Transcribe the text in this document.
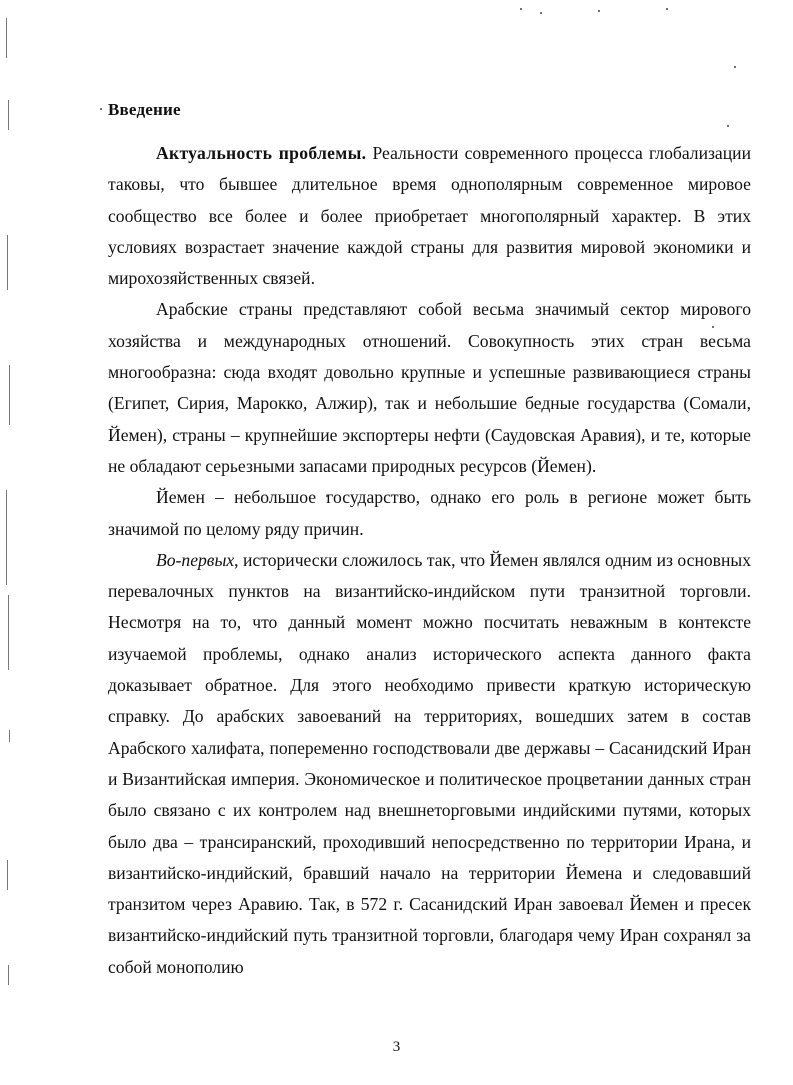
Введение

Актуальность проблемы. Реальности современного процесса глобализации таковы, что бывшее длительное время однополярным современное мировое сообщество все более и более приобретает многополярный характер. В этих условиях возрастает значение каждой страны для развития мировой экономики и мирохозяйственных связей.

Арабские страны представляют собой весьма значимый сектор мирового хозяйства и международных отношений. Совокупность этих стран весьма многообразна: сюда входят довольно крупные и успешные развивающиеся страны (Египет, Сирия, Марокко, Алжир), так и небольшие бедные государства (Сомали, Йемен), страны – крупнейшие экспортеры нефти (Саудовская Аравия), и те, которые не обладают серьезными запасами природных ресурсов (Йемен).

Йемен – небольшое государство, однако его роль в регионе может быть значимой по целому ряду причин.

Во-первых, исторически сложилось так, что Йемен являлся одним из основных перевалочных пунктов на византийско-индийском пути транзитной торговли. Несмотря на то, что данный момент можно посчитать неважным в контексте изучаемой проблемы, однако анализ исторического аспекта данного факта доказывает обратное. Для этого необходимо привести краткую историческую справку. До арабских завоеваний на территориях, вошедших затем в состав Арабского халифата, попеременно господствовали две державы – Сасанидский Иран и Византийская империя. Экономическое и политическое процветании данных стран было связано с их контролем над внешнеторговыми индийскими путями, которых было два – трансиранский, проходивший непосредственно по территории Ирана, и византийско-индийский, бравший начало на территории Йемена и следовавший транзитом через Аравию. Так, в 572 г. Сасанидский Иран завоевал Йемен и пресек византийско-индийский путь транзитной торговли, благодаря чему Иран сохранял за собой монополию

3
